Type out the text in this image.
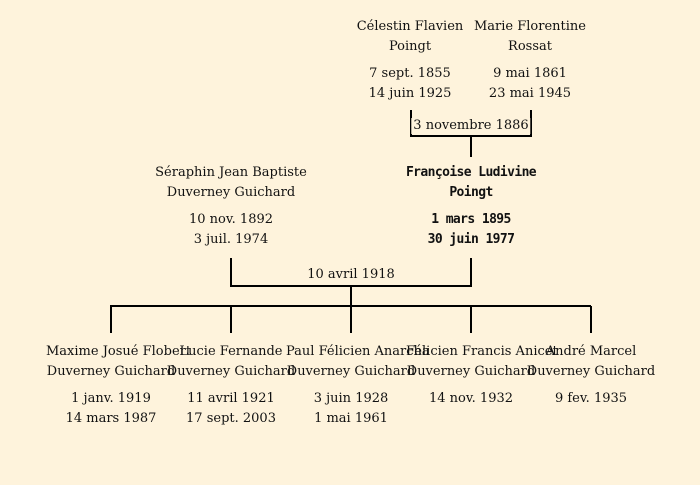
Célestin Flavien
Poingt
7 sept. 1855
14 juin 1925
Marie Florentine
Rossat
9 mai 1861
23 mai 1945
3 novembre 1886
Séraphin Jean Baptiste
Duverney Guichard
10 nov. 1892
3 juil. 1974
Françoise Ludivine
Poingt
1 mars 1895
30 juin 1977
10 avril 1918
Maxime Josué Flobert
Duverney Guichard
1 janv. 1919
14 mars 1987
Lucie Fernande
Duverney Guichard
11 avril 1921
17 sept. 2003
Paul Félicien Anarcha
Duverney Guichard
3 juin 1928
1 mai 1961
Félicien Francis Anicet
Duverney Guichard
14 nov. 1932
André Marcel
Duverney Guichard
9 fev. 1935
